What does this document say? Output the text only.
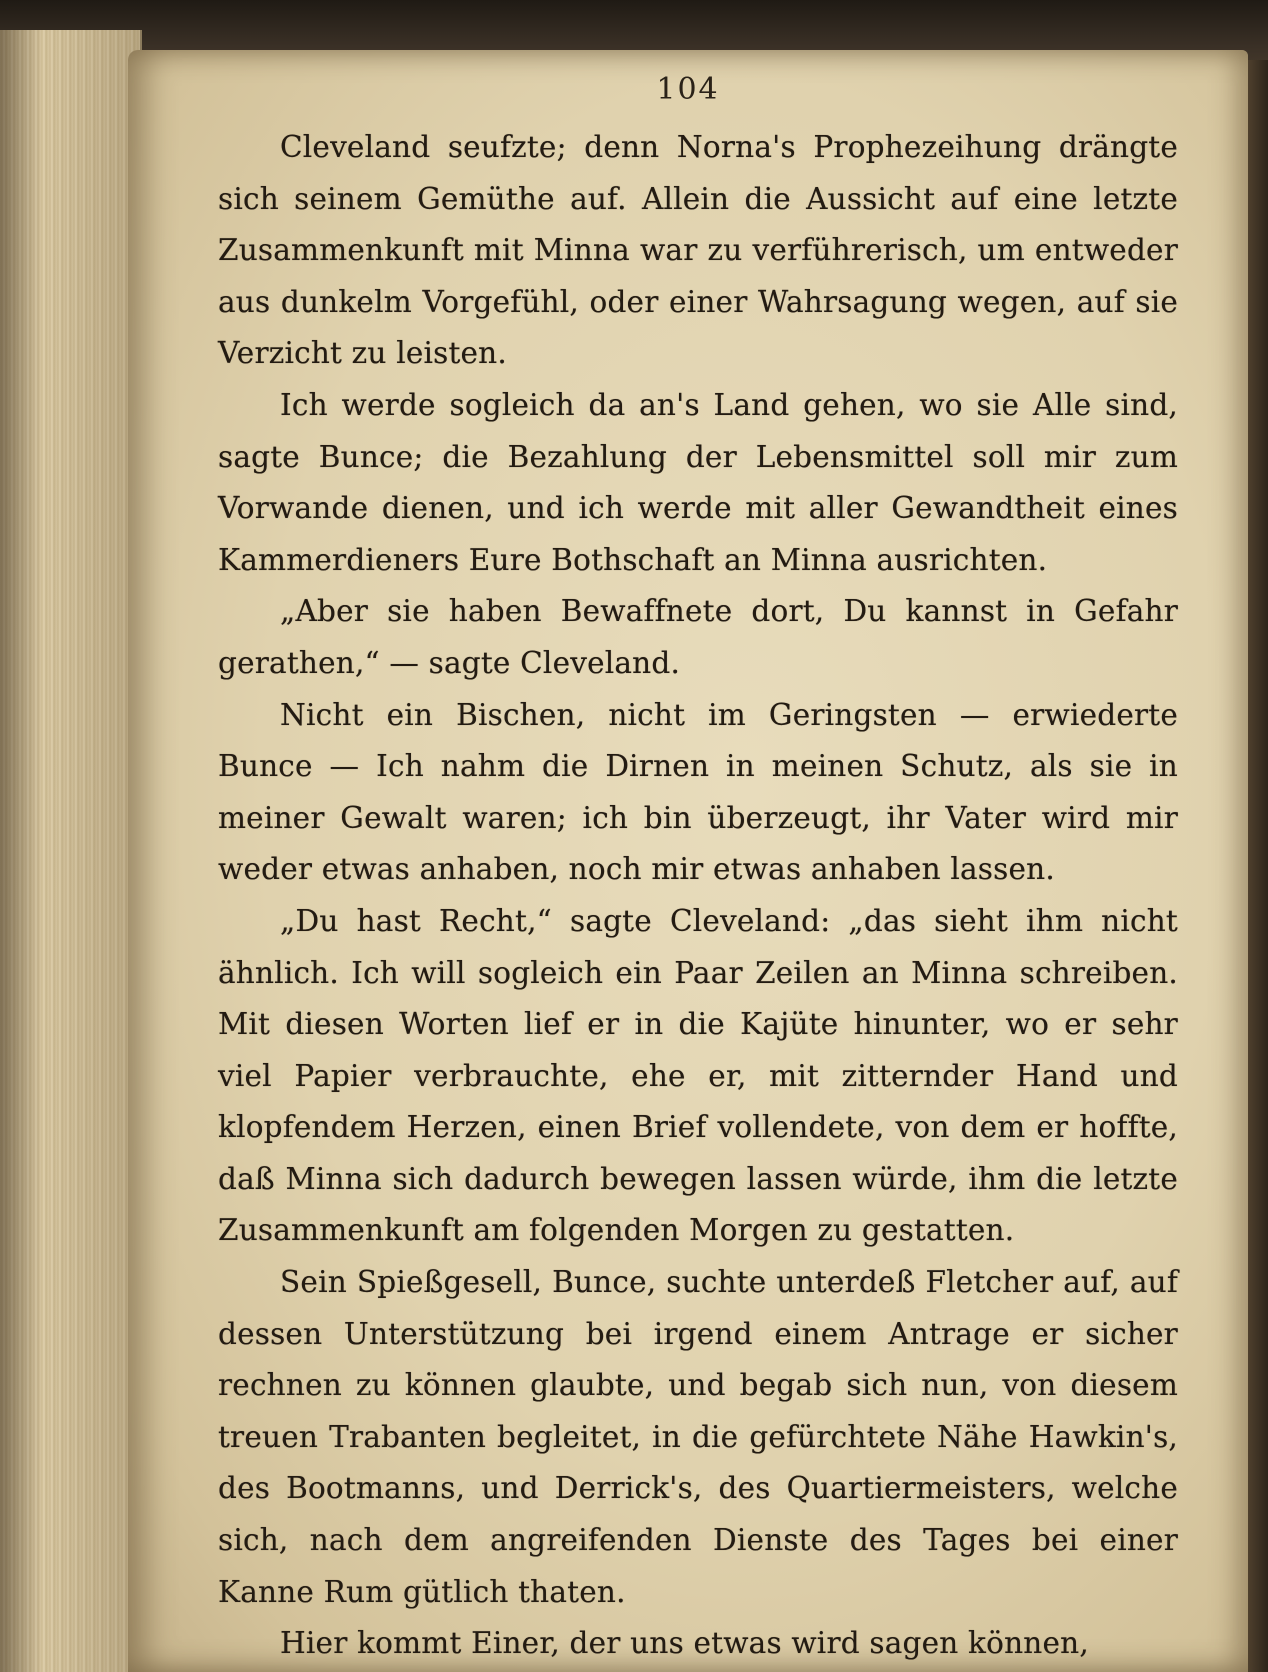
104

Cleveland seufzte; denn Norna's Prophezeihung drängte sich seinem Gemüthe auf. Allein die Aussicht auf eine letzte Zusammenkunft mit Minna war zu verführerisch, um entweder aus dunkelm Vorgefühl, oder einer Wahrsagung wegen, auf sie Verzicht zu leisten.

Ich werde sogleich da an's Land gehen, wo sie Alle sind, sagte Bunce; die Bezahlung der Lebensmittel soll mir zum Vorwande dienen, und ich werde mit aller Gewandtheit eines Kammerdieners Eure Bothschaft an Minna ausrichten.

„Aber sie haben Bewaffnete dort, Du kannst in Gefahr gerathen,“ — sagte Cleveland.

Nicht ein Bischen, nicht im Geringsten — erwiederte Bunce — Ich nahm die Dirnen in meinen Schutz, als sie in meiner Gewalt waren; ich bin überzeugt, ihr Vater wird mir weder etwas anhaben, noch mir etwas anhaben lassen.

„Du hast Recht,“ sagte Cleveland: „das sieht ihm nicht ähnlich. Ich will sogleich ein Paar Zeilen an Minna schreiben. Mit diesen Worten lief er in die Kajüte hinunter, wo er sehr viel Papier verbrauchte, ehe er, mit zitternder Hand und klopfendem Herzen, einen Brief vollendete, von dem er hoffte, daß Minna sich dadurch bewegen lassen würde, ihm die letzte Zusammenkunft am folgenden Morgen zu gestatten.

Sein Spießgesell, Bunce, suchte unterdeß Fletcher auf, auf dessen Unterstützung bei irgend einem Antrage er sicher rechnen zu können glaubte, und begab sich nun, von diesem treuen Trabanten begleitet, in die gefürchtete Nähe Hawkin's, des Bootmanns, und Derrick's, des Quartiermeisters, welche sich, nach dem angreifenden Dienste des Tages bei einer Kanne Rum gütlich thaten.

Hier kommt Einer, der uns etwas wird sagen können,
